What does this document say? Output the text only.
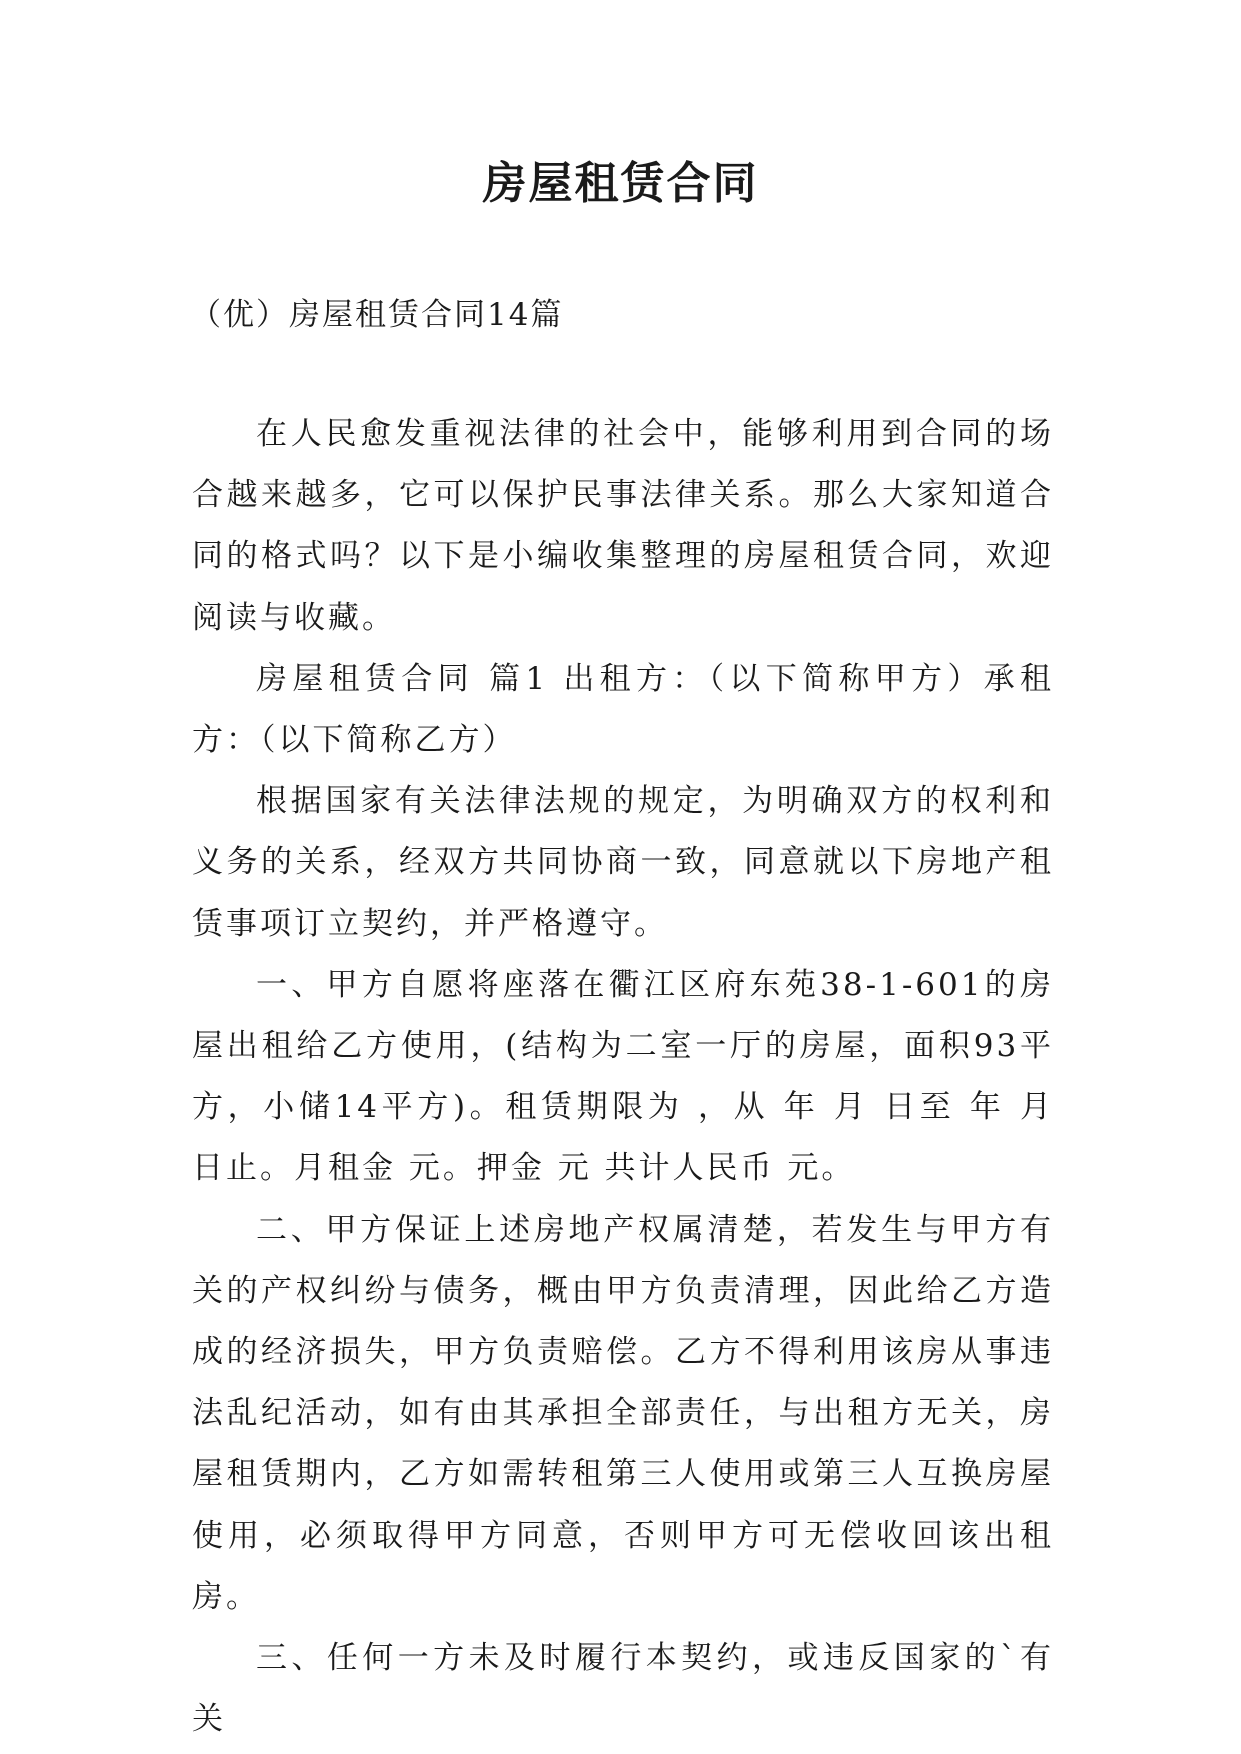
房屋租赁合同
（优）房屋租赁合同14篇

在人民愈发重视法律的社会中，能够利用到合同的场合越来越多，它可以保护民事法律关系。那么大家知道合同的格式吗？以下是小编收集整理的房屋租赁合同，欢迎阅读与收藏。

房屋租赁合同 篇1 出租方：（以下简称甲方）承租方：（以下简称乙方）

根据国家有关法律法规的规定，为明确双方的权利和义务的关系，经双方共同协商一致，同意就以下房地产租赁事项订立契约，并严格遵守。

一、甲方自愿将座落在衢江区府东苑38-1-601的房屋出租给乙方使用，(结构为二室一厅的房屋，面积93平方，小储14平方)。租赁期限为 ，从 年 月 日至 年 月 日止。月租金 元。押金 元 共计人民币 元。

二、甲方保证上述房地产权属清楚，若发生与甲方有关的产权纠纷与债务，概由甲方负责清理，因此给乙方造成的经济损失，甲方负责赔偿。乙方不得利用该房从事违法乱纪活动，如有由其承担全部责任，与出租方无关，房屋租赁期内，乙方如需转租第三人使用或第三人互换房屋使用，必须取得甲方同意，否则甲方可无偿收回该出租房。

三、任何一方未及时履行本契约，或违反国家的`有关
